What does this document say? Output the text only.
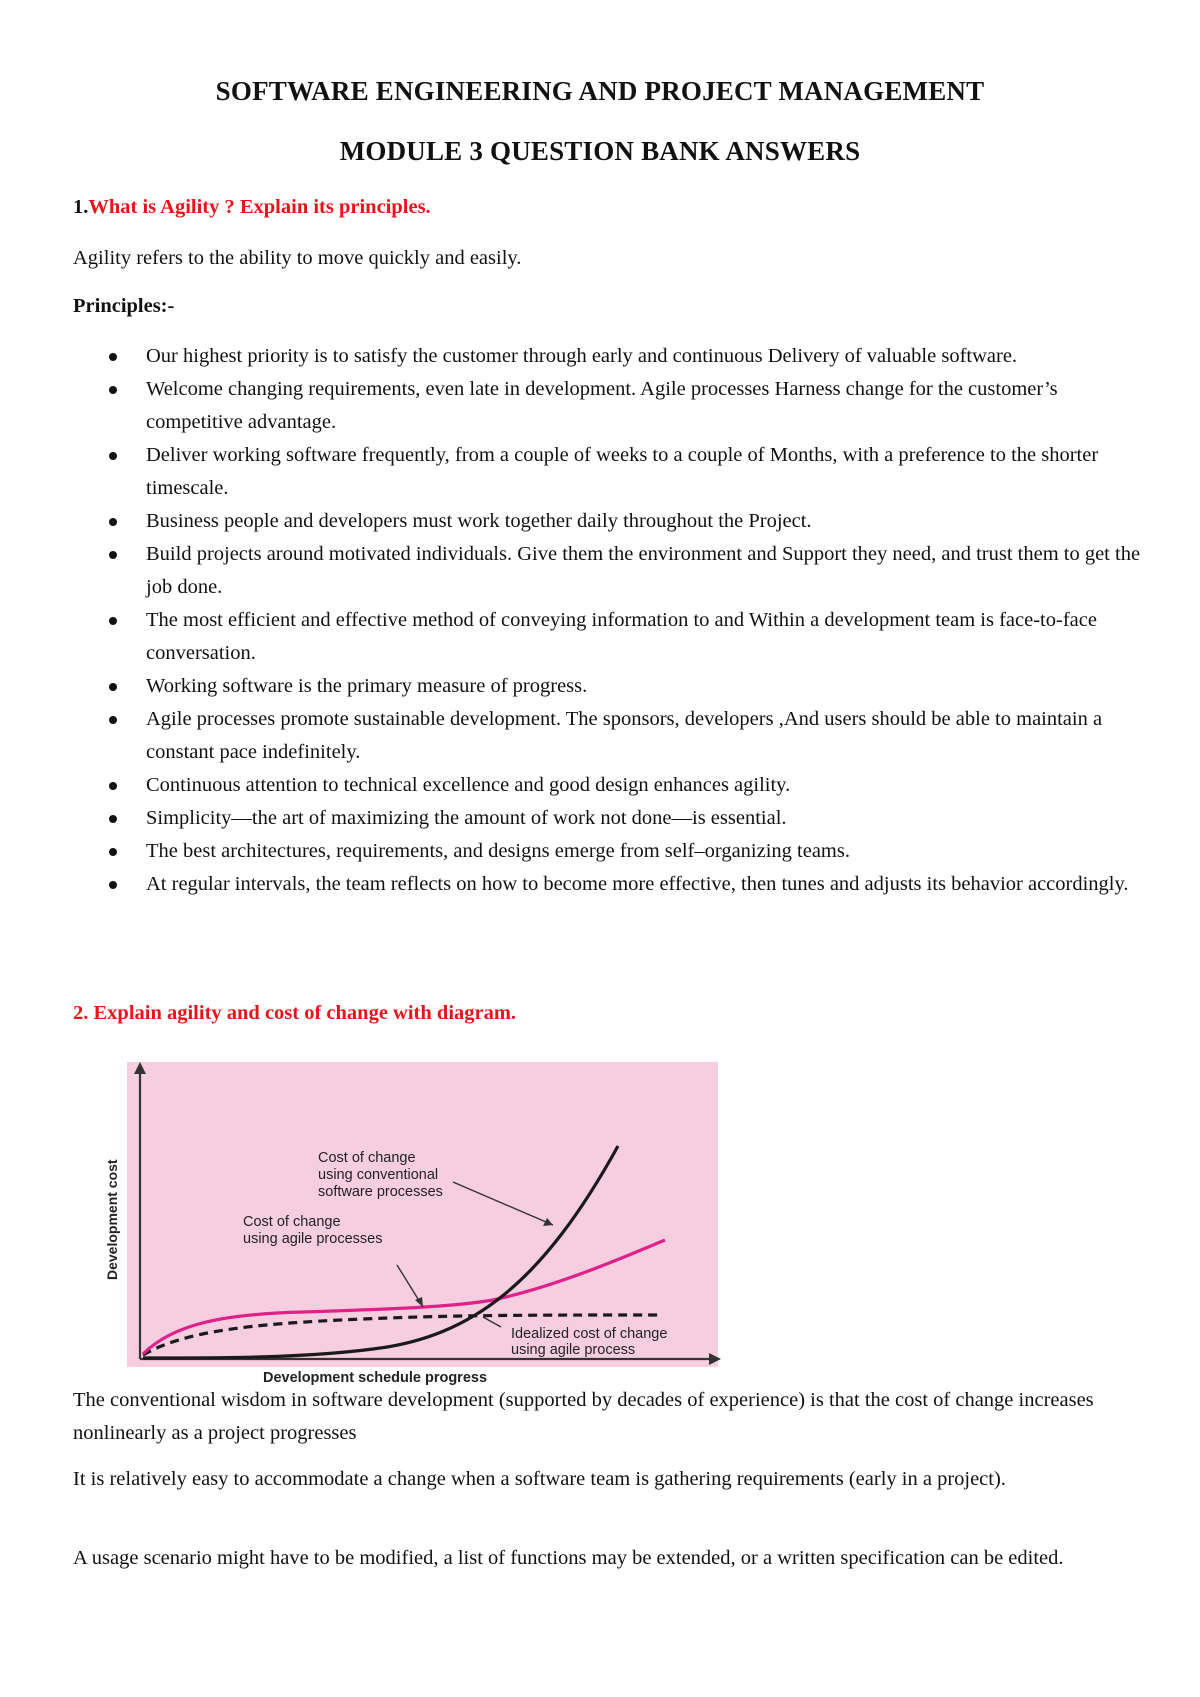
SOFTWARE ENGINEERING AND PROJECT MANAGEMENT
MODULE 3 QUESTION BANK ANSWERS
1.What is Agility ? Explain its principles.
Agility refers to the ability to move quickly and easily.
Principles:-
Our highest priority is to satisfy the customer through early and continuous Delivery of valuable software.
Welcome changing requirements, even late in development. Agile processes Harness change for the customer’s competitive advantage.
Deliver working software frequently, from a couple of weeks to a couple of Months, with a preference to the shorter timescale.
Business people and developers must work together daily throughout the Project.
Build projects around motivated individuals. Give them the environment and Support they need, and trust them to get the job done.
The most efficient and effective method of conveying information to and Within a development team is face-to-face conversation.
Working software is the primary measure of progress.
Agile processes promote sustainable development. The sponsors, developers ,And users should be able to maintain a constant pace indefinitely.
Continuous attention to technical excellence and good design enhances agility.
Simplicity—the art of maximizing the amount of work not done—is essential.
The best architectures, requirements, and designs emerge from self–organizing teams.
At regular intervals, the team reflects on how to become more effective, then tunes and adjusts its behavior accordingly.
2. Explain agility and cost of change with diagram.
Cost of change
using conventional
software processes
Cost of change
using agile processes
Idealized cost of change
using agile process
Development cost
Development schedule progress
The conventional wisdom in software development (supported by decades of experience) is that the cost of change increases nonlinearly as a project progresses
It is relatively easy to accommodate a change when a software team is gathering requirements (early in a project).
A usage scenario might have to be modified, a list of functions may be extended, or a written specification can be edited.
